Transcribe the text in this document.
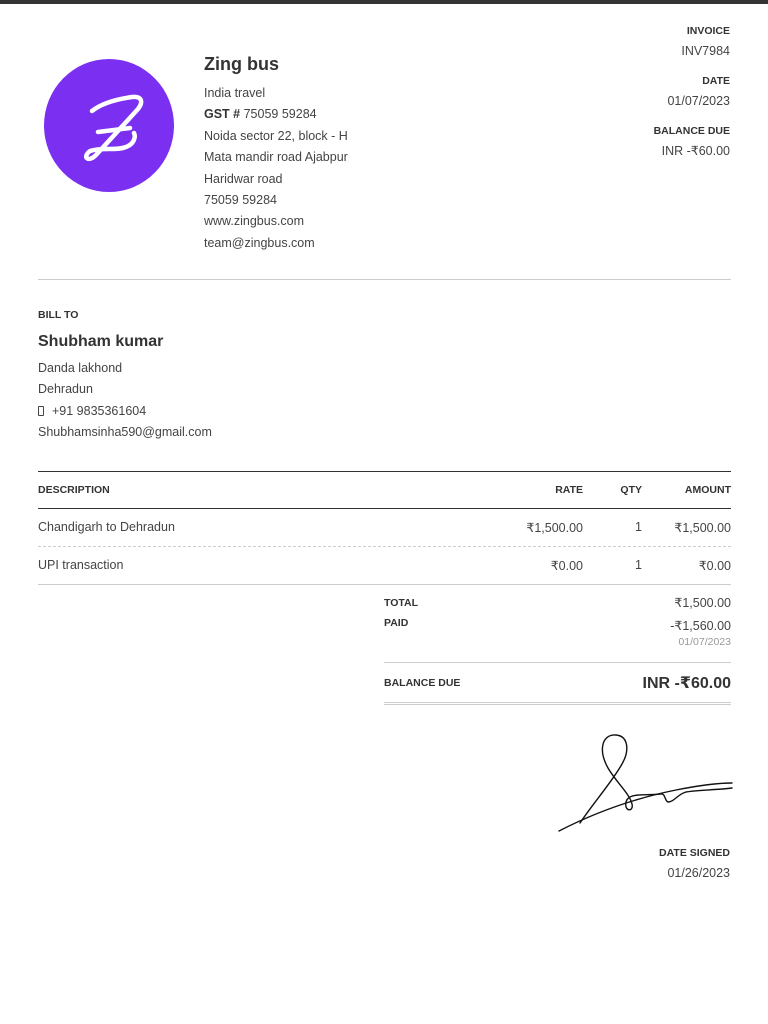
Zing bus
India travel
GST # 75059 59284
Noida sector 22, block - H
Mata mandir road Ajabpur
Haridwar road
75059 59284
www.zingbus.com
team@zingbus.com
INVOICE
INV7984
DATE
01/07/2023
BALANCE DUE
INR -₹60.00
BILL TO
Shubham kumar
Danda lakhond
Dehradun
+91 9835361604
Shubhamsinha590@gmail.com
DESCRIPTION	RATE	QTY	AMOUNT
Chandigarh to Dehradun	₹1,500.00	1	₹1,500.00
UPI transaction	₹0.00	1	₹0.00
TOTAL	₹1,500.00
PAID	-₹1,560.00
01/07/2023
BALANCE DUE	INR -₹60.00
DATE SIGNED
01/26/2023
